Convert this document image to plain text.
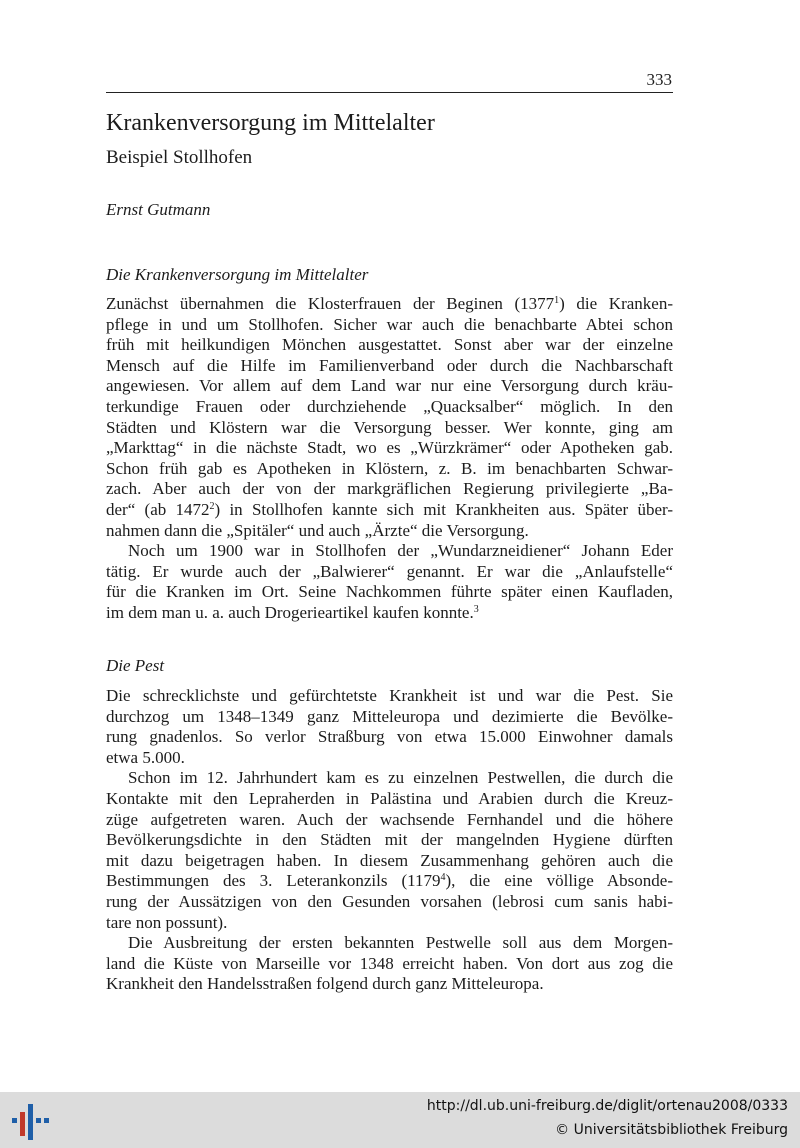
333
Krankenversorgung im Mittelalter
Beispiel Stollhofen
Ernst Gutmann
Die Krankenversorgung im Mittelalter
Zunächst übernahmen die Klosterfrauen der Beginen (1377$^1$) die Kranken-
pflege in und um Stollhofen. Sicher war auch die benachbarte Abtei schon
früh mit heilkundigen Mönchen ausgestattet. Sonst aber war der einzelne
Mensch auf die Hilfe im Familienverband oder durch die Nachbarschaft
angewiesen. Vor allem auf dem Land war nur eine Versorgung durch kräu-
terkundige Frauen oder durchziehende „Quacksalber“ möglich. In den
Städten und Klöstern war die Versorgung besser. Wer konnte, ging am
„Markttag“ in die nächste Stadt, wo es „Würzkrämer“ oder Apotheken gab.
Schon früh gab es Apotheken in Klöstern, z. B. im benachbarten Schwar-
zach. Aber auch der von der markgräflichen Regierung privilegierte „Ba-
der“ (ab 1472$^2$) in Stollhofen kannte sich mit Krankheiten aus. Später über-
nahmen dann die „Spitäler“ und auch „Ärzte“ die Versorgung.
Noch um 1900 war in Stollhofen der „Wundarzneidiener“ Johann Eder
tätig. Er wurde auch der „Balwierer“ genannt. Er war die „Anlaufstelle“
für die Kranken im Ort. Seine Nachkommen führte später einen Kaufladen,
im dem man u. a. auch Drogerieartikel kaufen konnte.$^3$
Die Pest
Die schrecklichste und gefürchtetste Krankheit ist und war die Pest. Sie
durchzog um 1348–1349 ganz Mitteleuropa und dezimierte die Bevölke-
rung gnadenlos. So verlor Straßburg von etwa 15.000 Einwohner damals
etwa 5.000.
Schon im 12. Jahrhundert kam es zu einzelnen Pestwellen, die durch die
Kontakte mit den Lepraherden in Palästina und Arabien durch die Kreuz-
züge aufgetreten waren. Auch der wachsende Fernhandel und die höhere
Bevölkerungsdichte in den Städten mit der mangelnden Hygiene dürften
mit dazu beigetragen haben. In diesem Zusammenhang gehören auch die
Bestimmungen des 3. Leterankonzils (1179$^4$), die eine völlige Absonde-
rung der Aussätzigen von den Gesunden vorsahen (lebrosi cum sanis habi-
tare non possunt).
Die Ausbreitung der ersten bekannten Pestwelle soll aus dem Morgen-
land die Küste von Marseille vor 1348 erreicht haben. Von dort aus zog die
Krankheit den Handelsstraßen folgend durch ganz Mitteleuropa.
http://dl.ub.uni-freiburg.de/diglit/ortenau2008/0333
© Universitätsbibliothek Freiburg
